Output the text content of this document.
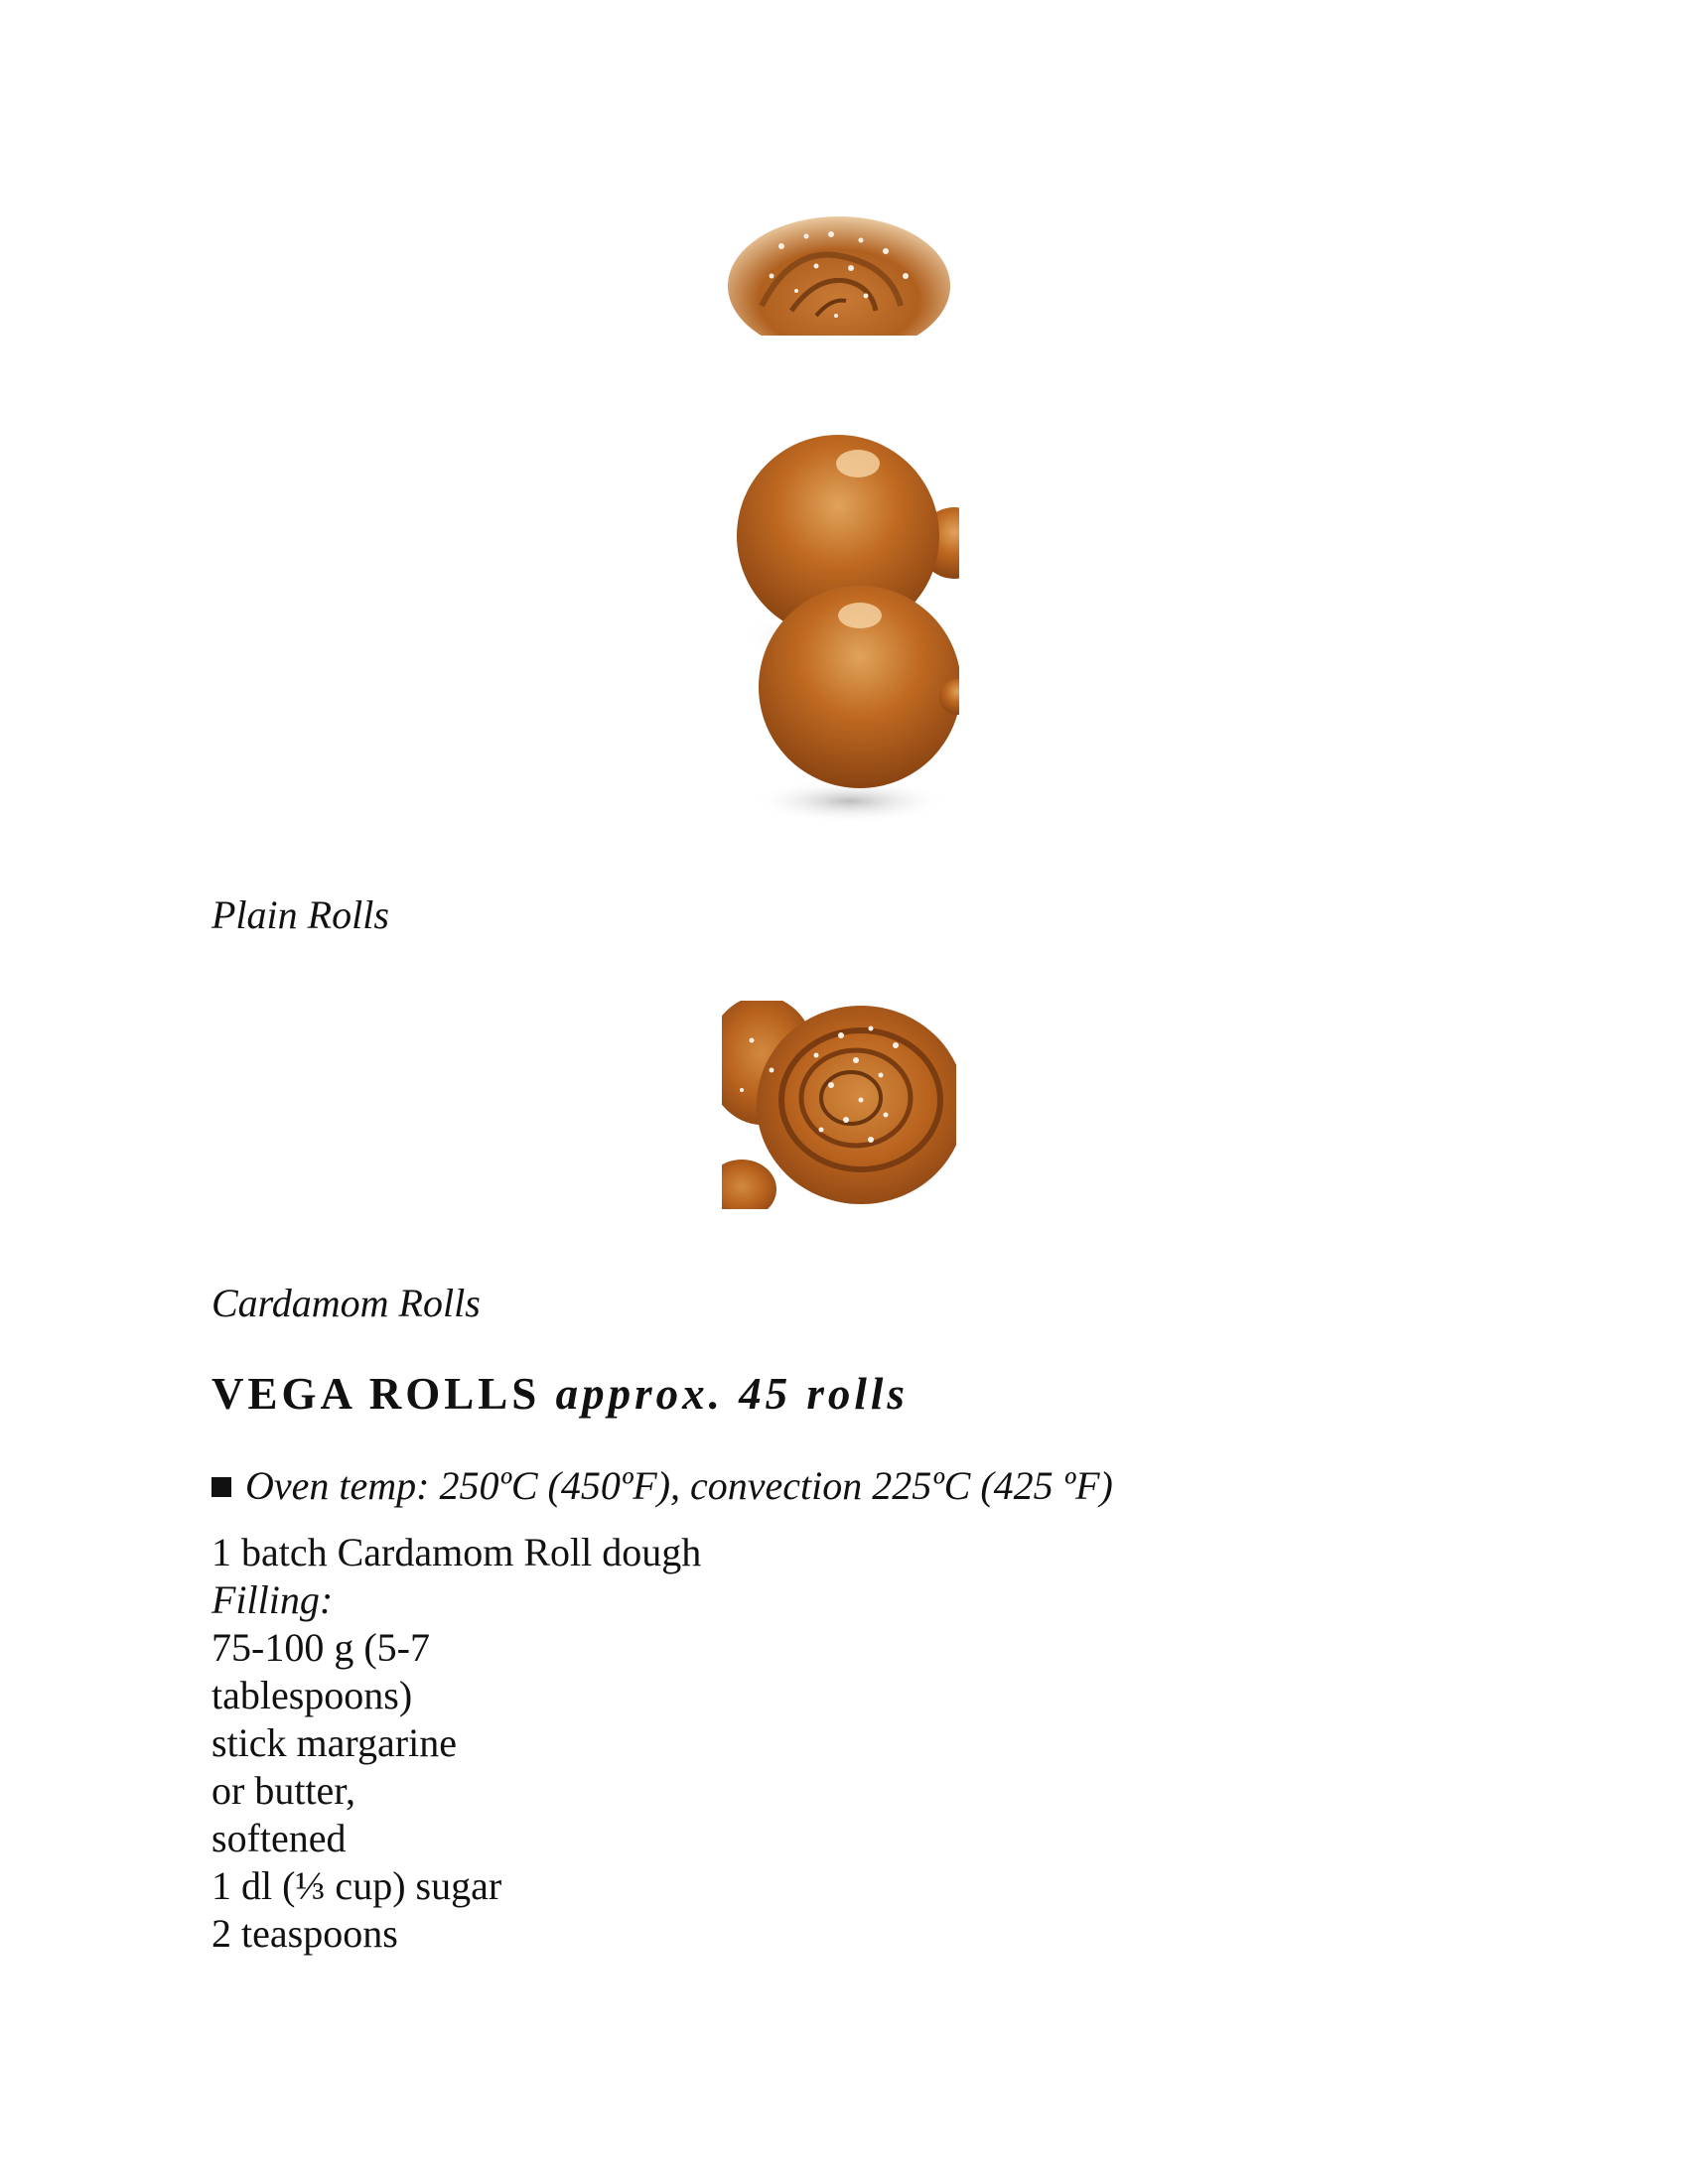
Plain Rolls
Cardamom Rolls
VEGA ROLLS approx. 45 rolls
Oven temp: 250ºC (450ºF), convection 225ºC (425 ºF)
1 batch Cardamom Roll dough
Filling:
75-100 g (5-7
tablespoons)
stick margarine
or butter,
softened
1 dl (⅓ cup) sugar
2 teaspoons
